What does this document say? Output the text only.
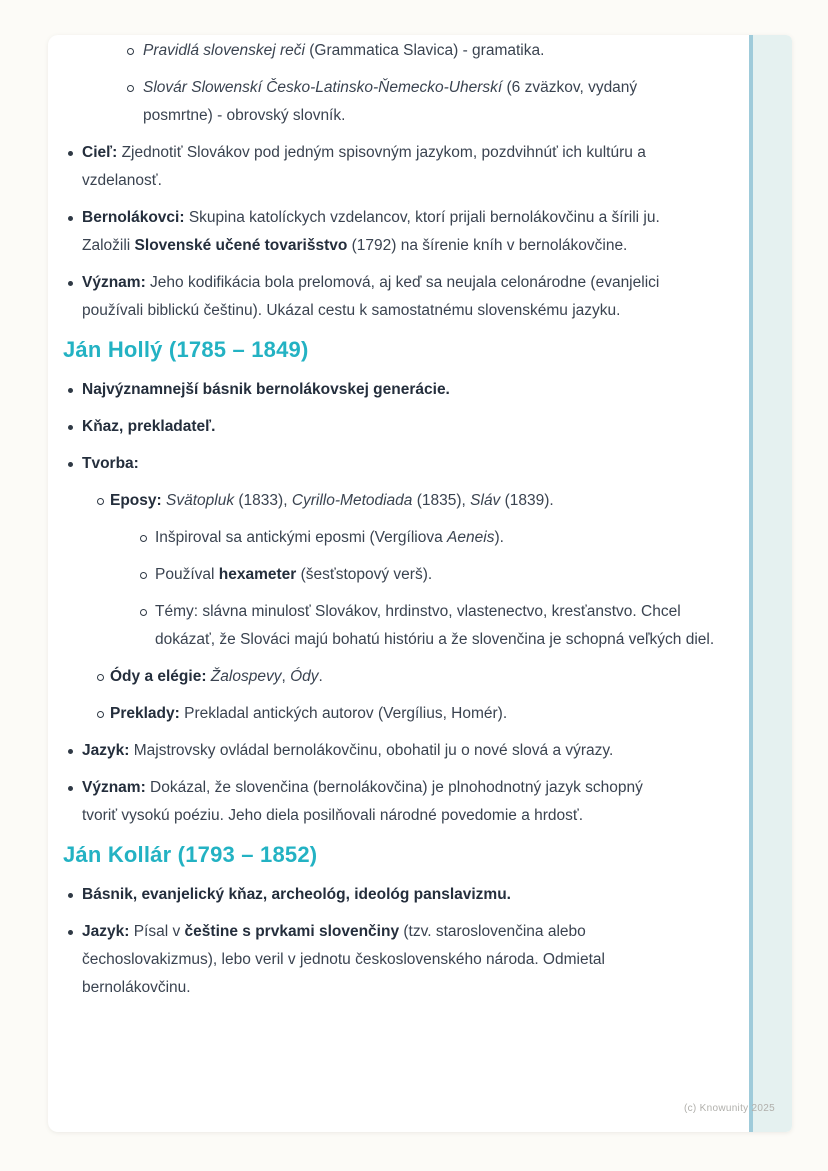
Pravidlá slovenskej reči (Grammatica Slavica) - gramatika.
Slovár Slowenskí Česko-Latinsko-Ňemecko-Uherskí (6 zväzkov, vydaný posmrtne) - obrovský slovník.
Cieľ: Zjednotiť Slovákov pod jedným spisovným jazykom, pozdvihnúť ich kultúru a vzdelanosť.
Bernolákovci: Skupina katolíckych vzdelancov, ktorí prijali bernolákovčinu a šírili ju. Založili Slovenské učené tovarišstvo (1792) na šírenie kníh v bernolákovčine.
Význam: Jeho kodifikácia bola prelomová, aj keď sa neujala celonárodne (evanjelici používali biblickú češtinu). Ukázal cestu k samostatnému slovenskému jazyku.
Ján Hollý (1785 – 1849)
Najvýznamnejší básnik bernolákovskej generácie.
Kňaz, prekladateľ.
Tvorba:
Eposy: Svätopluk (1833), Cyrillo-Metodiada (1835), Sláv (1839).
Inšpiroval sa antickými eposmi (Vergíliova Aeneis).
Používal hexameter (šesťstopový verš).
Témy: slávna minulosť Slovákov, hrdinstvo, vlastenectvo, kresťanstvo. Chcel dokázať, že Slováci majú bohatú históriu a že slovenčina je schopná veľkých diel.
Ódy a elégie: Žalospevy, Ódy.
Preklady: Prekladal antických autorov (Vergílius, Homér).
Jazyk: Majstrovsky ovládal bernolákovčinu, obohatil ju o nové slová a výrazy.
Význam: Dokázal, že slovenčina (bernolákovčina) je plnohodnotný jazyk schopný tvoriť vysokú poéziu. Jeho diela posilňovali národné povedomie a hrdosť.
Ján Kollár (1793 – 1852)
Básnik, evanjelický kňaz, archeológ, ideológ panslavizmu.
Jazyk: Písal v češtine s prvkami slovenčiny (tzv. staroslovenčina alebo čechoslovakizmus), lebo veril v jednotu československého národa. Odmietal bernolákovčinu.
(c) Knowunity 2025
